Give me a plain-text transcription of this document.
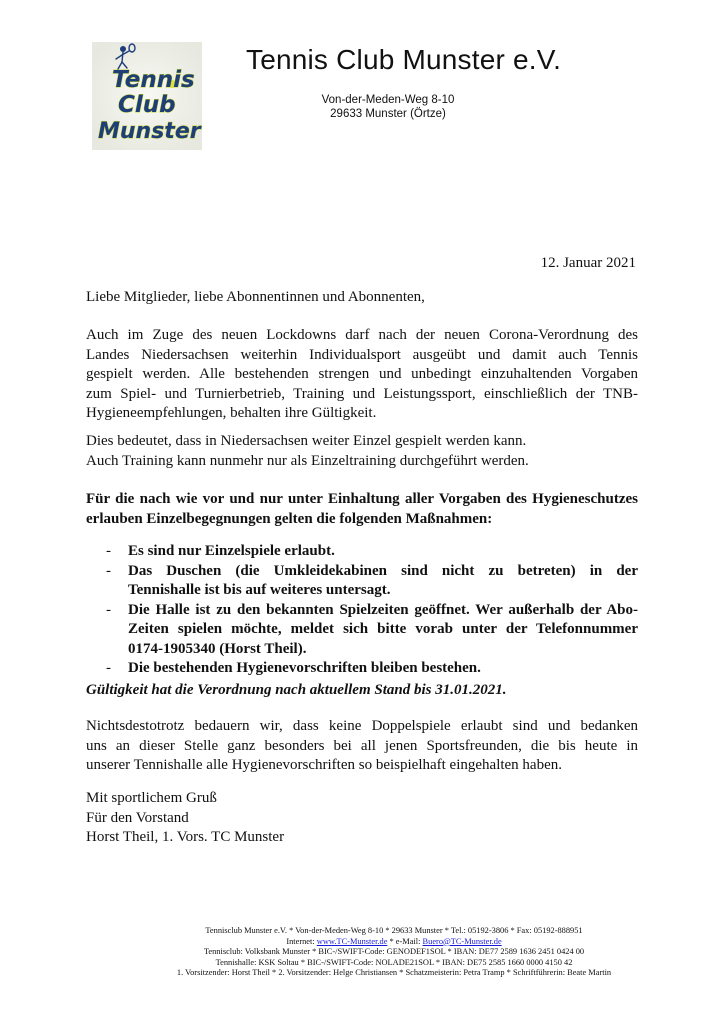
Tennis
Club
Munster
Tennis Club Munster e.V.
Von-der-Meden-Weg 8-10
29633 Munster (Örtze)
12. Januar 2021
Liebe Mitglieder, liebe Abonnentinnen und Abonnenten,

Auch im Zuge des neuen Lockdowns darf nach der neuen Corona-Verordnung des
Landes Niedersachsen weiterhin Individualsport ausgeübt und damit auch Tennis
gespielt werden. Alle bestehenden strengen und unbedingt einzuhaltenden Vorgaben
zum Spiel- und Turnierbetrieb, Training und Leistungssport, einschließlich der TNB-
Hygieneempfehlungen, behalten ihre Gültigkeit.

Dies bedeutet, dass in Niedersachsen weiter Einzel gespielt werden kann.
Auch Training kann nunmehr nur als Einzeltraining durchgeführt werden.

Für die nach wie vor und nur unter Einhaltung aller Vorgaben des Hygieneschutzes
erlauben Einzelbegegnungen gelten die folgenden Maßnahmen:

- Es sind nur Einzelspiele erlaubt.
- Das Duschen (die Umkleidekabinen sind nicht zu betreten) in der
Tennishalle ist bis auf weiteres untersagt.
- Die Halle ist zu den bekannten Spielzeiten geöffnet. Wer außerhalb der Abo-
Zeiten spielen möchte, meldet sich bitte vorab unter der Telefonnummer
0174-1905340 (Horst Theil).
- Die bestehenden Hygienevorschriften bleiben bestehen.
Gültigkeit hat die Verordnung nach aktuellem Stand bis 31.01.2021.

Nichtsdestotrotz bedauern wir, dass keine Doppelspiele erlaubt sind und bedanken
uns an dieser Stelle ganz besonders bei all jenen Sportsfreunden, die bis heute in
unserer Tennishalle alle Hygienevorschriften so beispielhaft eingehalten haben.

Mit sportlichem Gruß
Für den Vorstand
Horst Theil, 1. Vors. TC Munster
Tennisclub Munster e.V. * Von-der-Meden-Weg 8-10 * 29633 Munster * Tel.: 05192-3806 * Fax: 05192-888951
Internet: www.TC-Munster.de * e-Mail: Buero@TC-Munster.de
Tennisclub: Volksbank Munster * BIC-/SWIFT-Code: GENODEF1SOL * IBAN: DE77 2589 1636 2451 0424 00
Tennishalle: KSK Soltau * BIC-/SWIFT-Code: NOLADE21SOL * IBAN: DE75 2585 1660 0000 4150 42
1. Vorsitzender: Horst Theil * 2. Vorsitzender: Helge Christiansen * Schatzmeisterin: Petra Tramp * Schriftführerin: Beate Martin
